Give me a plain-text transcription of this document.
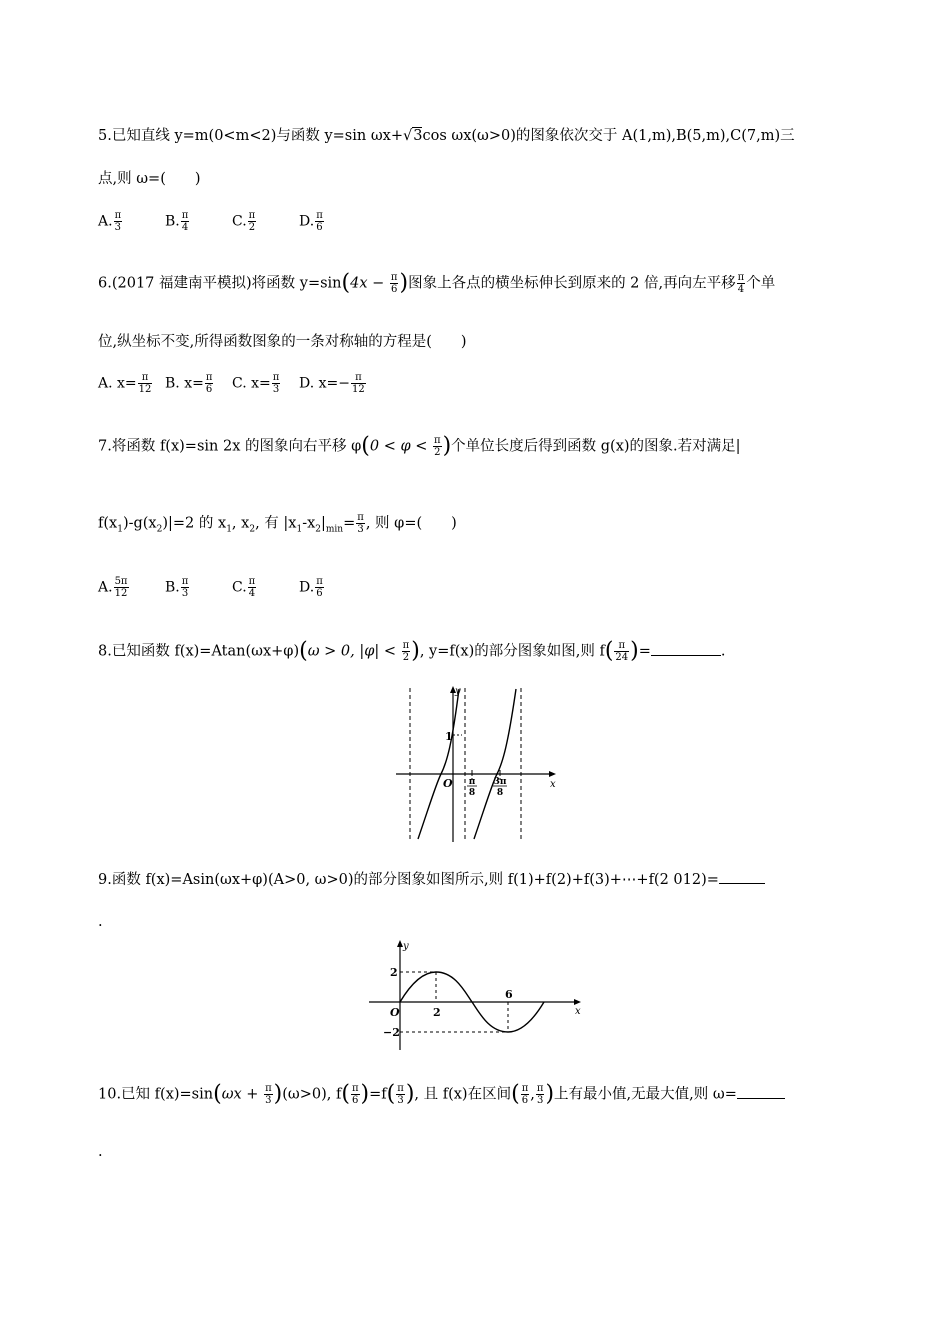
5.已知直线 y=m(0<m<2)与函数 y=sin ωx+√3cos ωx(ω>0)的图象依次交于 A(1,m),B(5,m),C(7,m)三
点,则 ω=(　　)
A. $\frac{\pi}{3}$	B. $\frac{\pi}{4}$	C. $\frac{\pi}{2}$	D. $\frac{\pi}{6}$
6.(2017 福建南平模拟)将函数 $y=\sin(4x - \frac{\pi}{6}$ )图象上各点的横坐标伸长到原来的 2 倍,再向左平移 $\frac{\pi}{4}$ 个单
位,纵坐标不变,所得函数图象的一条对称轴的方程是(　　)
A. $x= \frac{\pi}{12} B$. $x= \frac{\pi}{6} C$. $x= \frac{\pi}{3} D$. $x=- \frac{\pi}{12}$
7.将函数 f(x)=sin 2x 的图象向右平移 $\varphi(0 < \varphi < \frac{\pi}{2}$ )个单位长度后得到函数 g(x)的图象.若对满足|
$f(x_1)-g(x_2)|=2$ 的 $x_1$, $x_2$, 有 $|x_1-x_2|_{min}= \frac{\pi}{3}$ , 则 φ=(　　)
A. $\frac{5\pi}{12}$	B. $\frac{\pi}{3}$	C. $\frac{\pi}{4}$	D. $\frac{\pi}{6}$
8.已知函数 f(x)=Atan(ωx+φ)(ω > 0, $|\varphi| < \frac{\pi}{2}$ ), y=f(x)的部分图象如图,则 $f( \frac{\pi}{24}$ )=	.
y
x
O
1
π
8
3π
8
9.函数 f(x)=Asin(ωx+φ)(A>0, ω>0)的部分图象如图所示,则 f(1)+f(2)+f(3)+⋯+f(2 012)=
.
y
x
O
2
−2
2
6
10.已知 $f(x)=\sin(\omega x + \frac{\pi}{3} )(\omega>0)$, $f( \frac{\pi}{6} )=f( \frac{\pi}{3}$ ), 且 f(x)在区间( $\frac{\pi}{6}$ , $\frac{\pi}{3}$ )上有最小值,无最大值,则 ω=
.
